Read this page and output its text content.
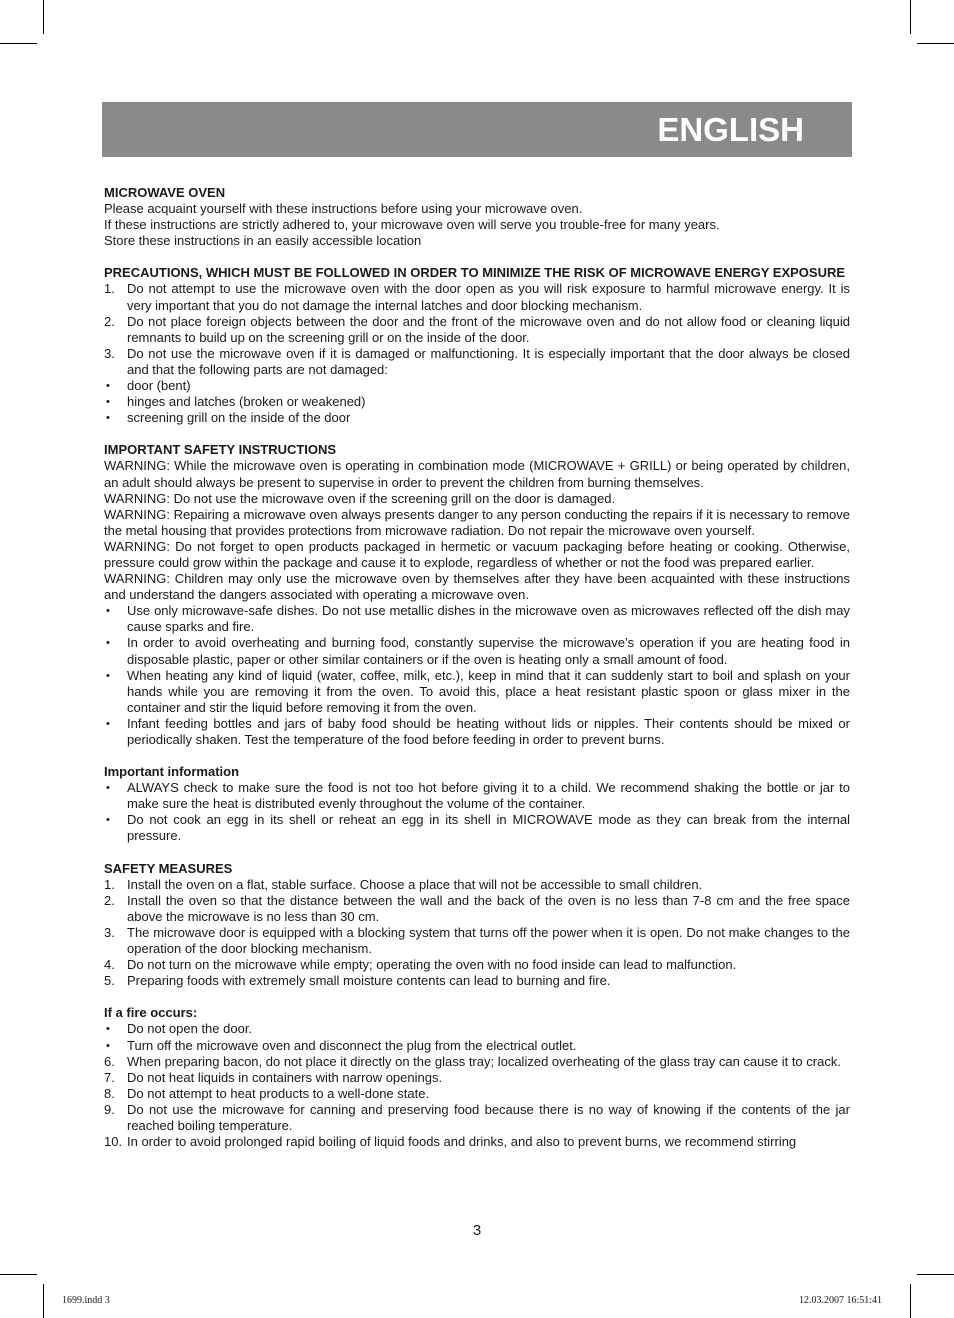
ENGLISH

MICROWAVE OVEN

Please acquaint yourself with these instructions before using your microwave oven.

If these instructions are strictly adhered to, your microwave oven will serve you trouble-free for many years.

Store these instructions in an easily accessible location

PRECAUTIONS, WHICH MUST BE FOLLOWED IN ORDER TO MINIMIZE THE RISK OF MICROWAVE ENERGY EXPOSURE

1. Do not attempt to use the microwave oven with the door open as you will risk exposure to harmful microwave energy. It is very important that you do not damage the internal latches and door blocking mechanism.
2. Do not place foreign objects between the door and the front of the microwave oven and do not allow food or cleaning liquid remnants to build up on the screening grill or on the inside of the door.
3. Do not use the microwave oven if it is damaged or malfunctioning. It is especially important that the door always be closed and that the following parts are not damaged:
• door (bent)
• hinges and latches (broken or weakened)
• screening grill on the inside of the door

IMPORTANT SAFETY INSTRUCTIONS

WARNING: While the microwave oven is operating in combination mode (MICROWAVE + GRILL) or being operated by children, an adult should always be present to supervise in order to prevent the children from burning themselves.

WARNING: Do not use the microwave oven if the screening grill on the door is damaged.

WARNING: Repairing a microwave oven always presents danger to any person conducting the repairs if it is necessary to remove the metal housing that provides protections from microwave radiation. Do not repair the microwave oven yourself.

WARNING: Do not forget to open products packaged in hermetic or vacuum packaging before heating or cooking. Otherwise, pressure could grow within the package and cause it to explode, regardless of whether or not the food was prepared earlier.

WARNING: Children may only use the microwave oven by themselves after they have been acquainted with these instructions and understand the dangers associated with operating a microwave oven.

• Use only microwave-safe dishes. Do not use metallic dishes in the microwave oven as microwaves reflected off the dish may cause sparks and fire.
• In order to avoid overheating and burning food, constantly supervise the microwave’s operation if you are heating food in disposable plastic, paper or other similar containers or if the oven is heating only a small amount of food.
• When heating any kind of liquid (water, coffee, milk, etc.), keep in mind that it can suddenly start to boil and splash on your hands while you are removing it from the oven. To avoid this, place a heat resistant plastic spoon or glass mixer in the container and stir the liquid before removing it from the oven.
• Infant feeding bottles and jars of baby food should be heating without lids or nipples. Their contents should be mixed or periodically shaken. Test the temperature of the food before feeding in order to prevent burns.

Important information

• ALWAYS check to make sure the food is not too hot before giving it to a child. We recommend shaking the bottle or jar to make sure the heat is distributed evenly throughout the volume of the container.
• Do not cook an egg in its shell or reheat an egg in its shell in MICROWAVE mode as they can break from the internal pressure.

SAFETY MEASURES

1. Install the oven on a flat, stable surface. Choose a place that will not be accessible to small children.
2. Install the oven so that the distance between the wall and the back of the oven is no less than 7-8 cm and the free space above the microwave is no less than 30 cm.
3. The microwave door is equipped with a blocking system that turns off the power when it is open. Do not make changes to the operation of the door blocking mechanism.
4. Do not turn on the microwave while empty; operating the oven with no food inside can lead to malfunction.
5. Preparing foods with extremely small moisture contents can lead to burning and fire.

If a fire occurs:

• Do not open the door.
• Turn off the microwave oven and disconnect the plug from the electrical outlet.
6. When preparing bacon, do not place it directly on the glass tray; localized overheating of the glass tray can cause it to crack.
7. Do not heat liquids in containers with narrow openings.
8. Do not attempt to heat products to a well-done state.
9. Do not use the microwave for canning and preserving food because there is no way of knowing if the contents of the jar reached boiling temperature.
10. In order to avoid prolonged rapid boiling of liquid foods and drinks, and also to prevent burns, we recommend stirring
3
1699.indd 3	12.03.2007 16:51:41
